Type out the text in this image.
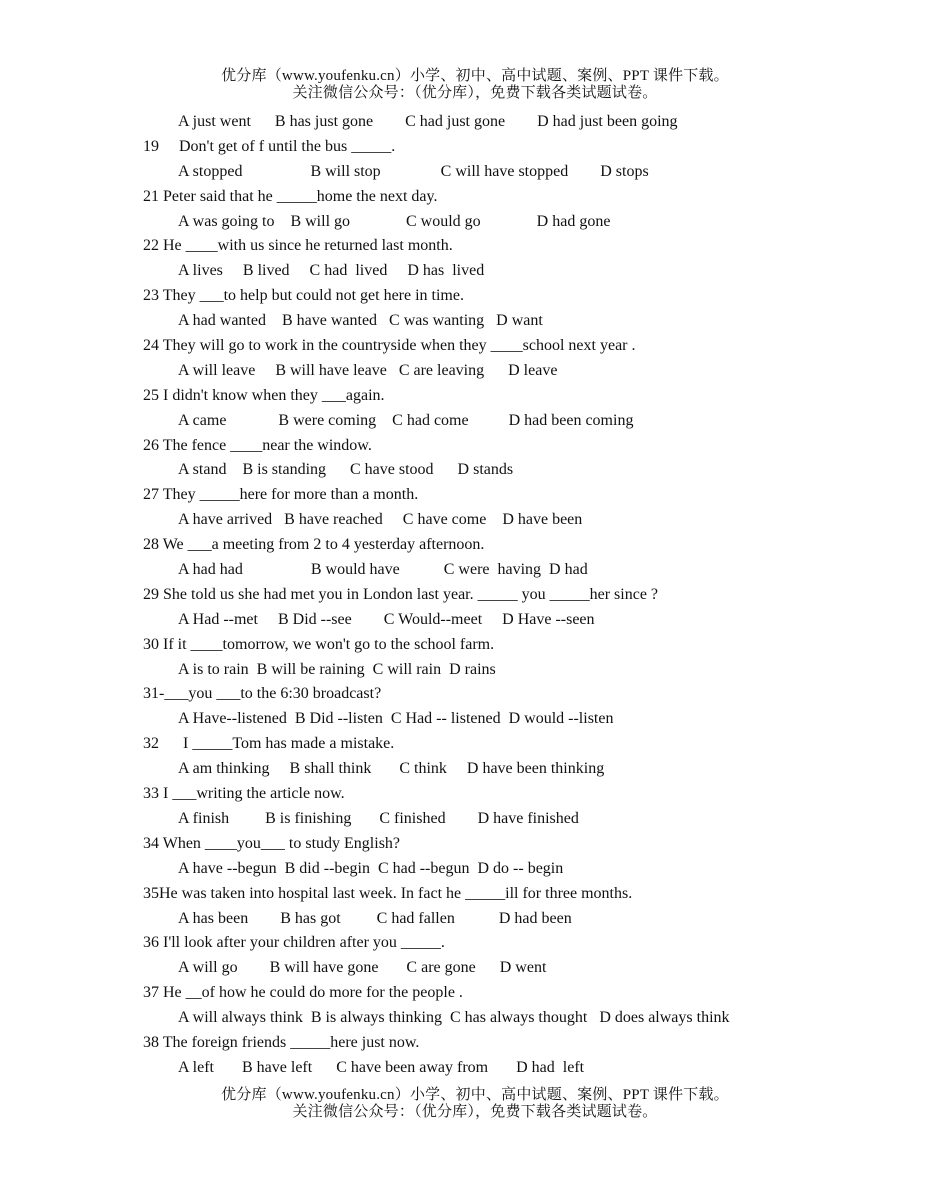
优分库（www.youfenku.cn）小学、初中、高中试题、案例、PPT 课件下载。
关注微信公众号：（优分库），免费下载各类试题试卷。
A just went      B has just gone        C had just gone        D had just been going
19     Don't get of f until the bus _____.
A stopped                 B will stop               C will have stopped        D stops
21 Peter said that he _____home the next day.
A was going to    B will go              C would go              D had gone
22 He ____with us since he returned last month.
A lives     B lived     C had  lived     D has  lived
23 They ___to help but could not get here in time.
A had wanted    B have wanted   C was wanting   D want
24 They will go to work in the countryside when they ____school next year .
A will leave     B will have leave   C are leaving      D leave
25 I didn't know when they ___again.
A came             B were coming    C had come          D had been coming
26 The fence ____near the window.
A stand    B is standing      C have stood      D stands
27 They _____here for more than a month.
A have arrived   B have reached     C have come    D have been
28 We ___a meeting from 2 to 4 yesterday afternoon.
A had had                 B would have           C were  having  D had
29 She told us she had met you in London last year. _____ you _____her since ?
A Had --met     B Did --see        C Would--meet     D Have --seen
30 If it ____tomorrow, we won't go to the school farm.
A is to rain  B will be raining  C will rain  D rains
31-___you ___to the 6:30 broadcast?
A Have--listened  B Did --listen  C Had -- listened  D would --listen
32      I _____Tom has made a mistake.
A am thinking     B shall think       C think     D have been thinking
33 I ___writing the article now.
A finish         B is finishing       C finished        D have finished
34 When ____you___ to study English?
A have --begun  B did --begin  C had --begun  D do -- begin
35He was taken into hospital last week. In fact he _____ill for three months.
A has been        B has got         C had fallen           D had been
36 I'll look after your children after you _____.
A will go        B will have gone       C are gone      D went
37 He __of how he could do more for the people .
A will always think  B is always thinking  C has always thought   D does always think
38 The foreign friends _____here just now.
A left       B have left      C have been away from       D had  left
优分库（www.youfenku.cn）小学、初中、高中试题、案例、PPT 课件下载。
关注微信公众号：（优分库），免费下载各类试题试卷。
